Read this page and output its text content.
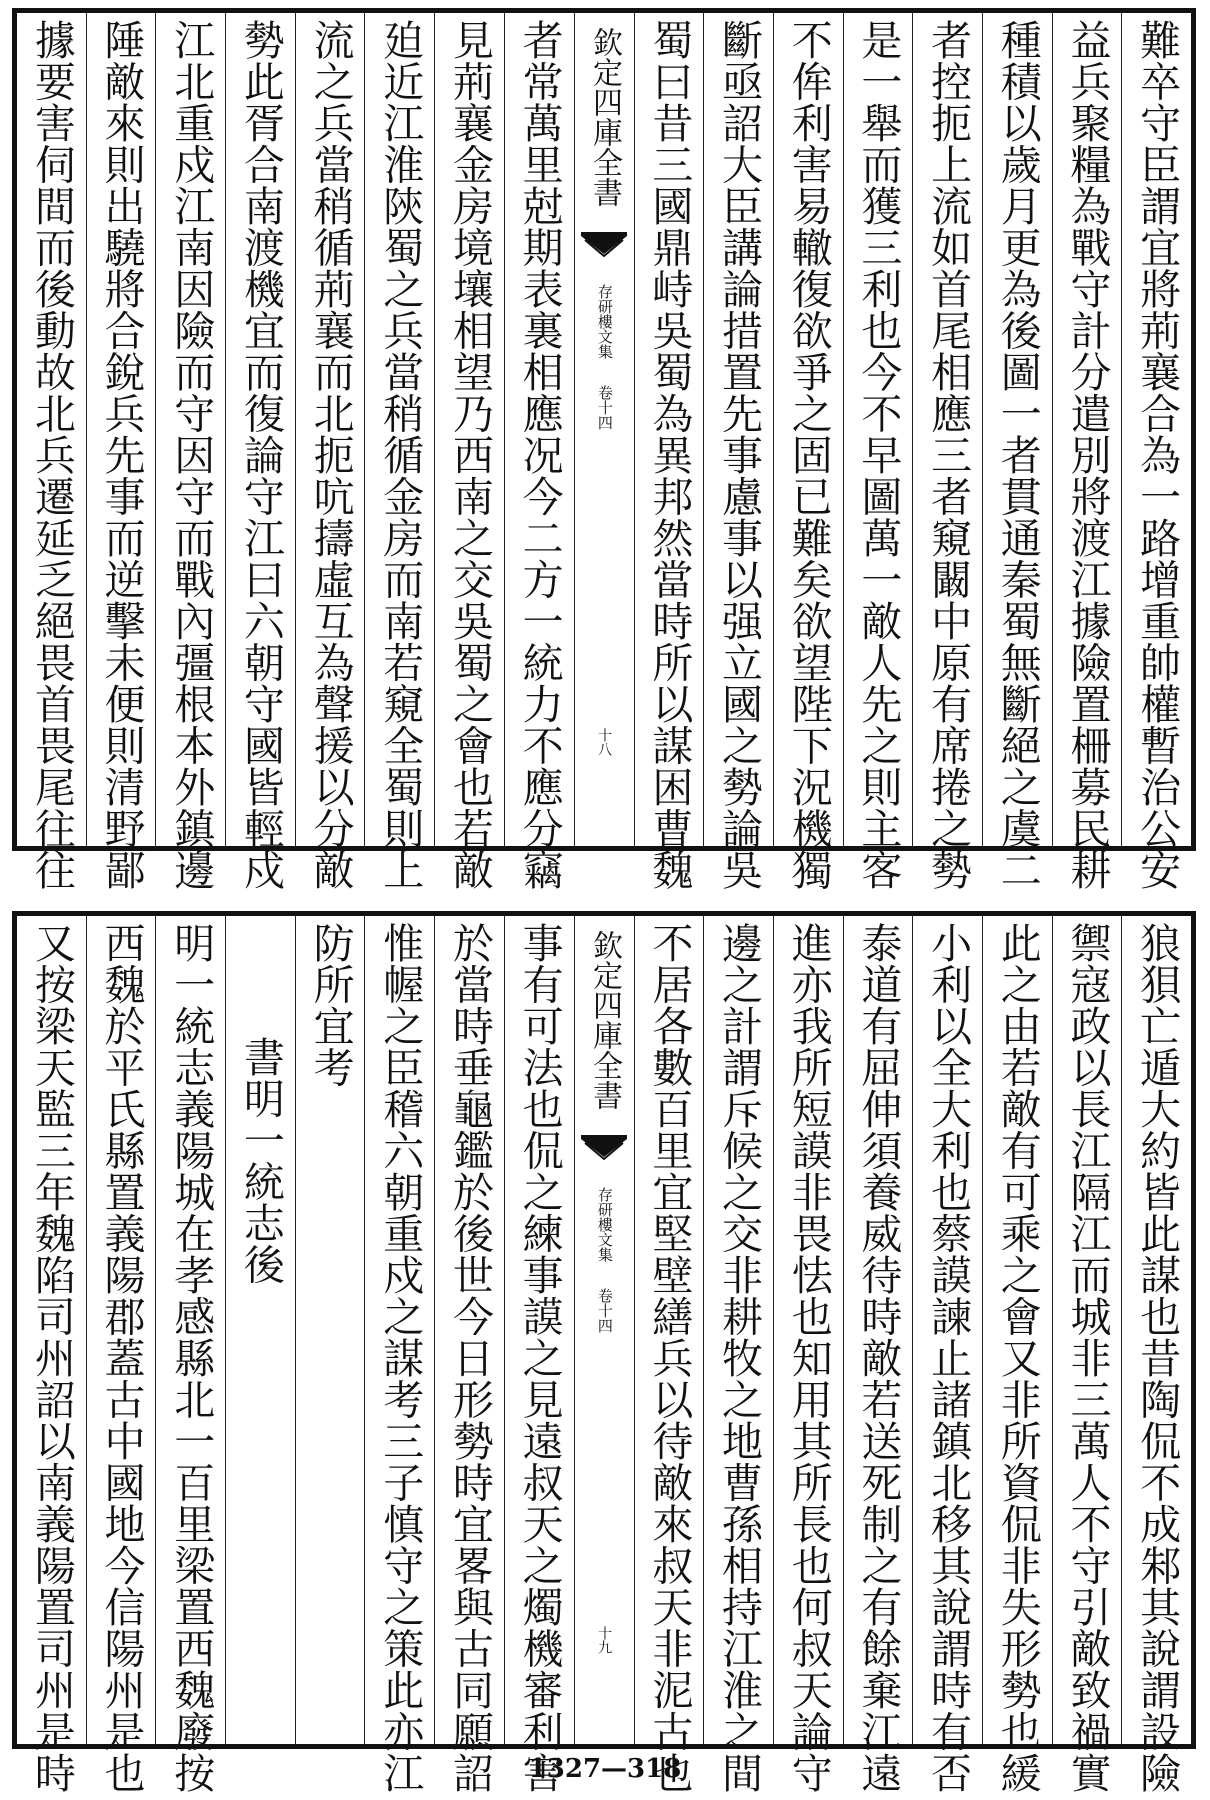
難卒守臣謂宜將荊襄合為一路增重帥權暫治公安
益兵聚糧為戰守計分遣別將渡江據險置柵募民耕
種積以歲月更為後圖一者貫通秦蜀無斷絕之虞二
者控扼上流如首尾相應三者窺闞中原有席捲之勢
是一舉而獲三利也今不早圖萬一敵人先之則主客
不侔利害易轍復欲爭之固已難矣欲望陛下況機獨
斷亟詔大臣講論措置先事慮事以强立國之勢論吳
蜀曰昔三國鼎峙吳蜀為異邦然當時所以謀困曹魏
欽定四庫全書
存研樓文集
卷十四
十八
者常萬里尅期表裏相應况今二方一統力不應分竊
見荊襄金房境壤相望乃西南之交吳蜀之會也若敵
廹近江淮陝蜀之兵當稍循金房而南若窺全蜀則上
流之兵當稍循荊襄而北扼吭擣虛互為聲援以分敵
勢此胥合南渡機宜而復論守江曰六朝守國皆輕戍
江北重戍江南因險而守因守而戰內彊根本外鎮邊
陲敵來則出驍將合銳兵先事而逆擊未便則清野鄙
據要害伺間而後動故北兵遷延乏絕畏首畏尾往往
狼狽亡遁大約皆此謀也昔陶侃不成邾其說謂設險
禦寇政以長江隔江而城非三萬人不守引敵致禍實
此之由若敵有可乘之會又非所資侃非失形勢也緩
小利以全大利也蔡謨諫止諸鎮北移其說謂時有否
泰道有屈伸須養威待時敵若送死制之有餘棄江遠
進亦我所短謨非畏怯也知用其所長也何叔天論守
邊之計謂斥候之交非耕牧之地曹孫相持江淮之間
不居各數百里宜堅壁繕兵以待敵來叔天非泥古也
欽定四庫全書
存研樓文集
卷十四
十九
事有可法也侃之練事謨之見遠叔天之燭機審利害
於當時垂龜鑑於後世今日形勢時宜畧與古同願詔
惟幄之臣稽六朝重戍之謀考三子慎守之策此亦江
防所宜考
書明一統志後
明一統志義陽城在孝感縣北一百里梁置西魏廢按
西魏於平氏縣置義陽郡蓋古中國地今信陽州是也
又按梁天監三年魏陷司州詔以南義陽置司州是時	1327—318
